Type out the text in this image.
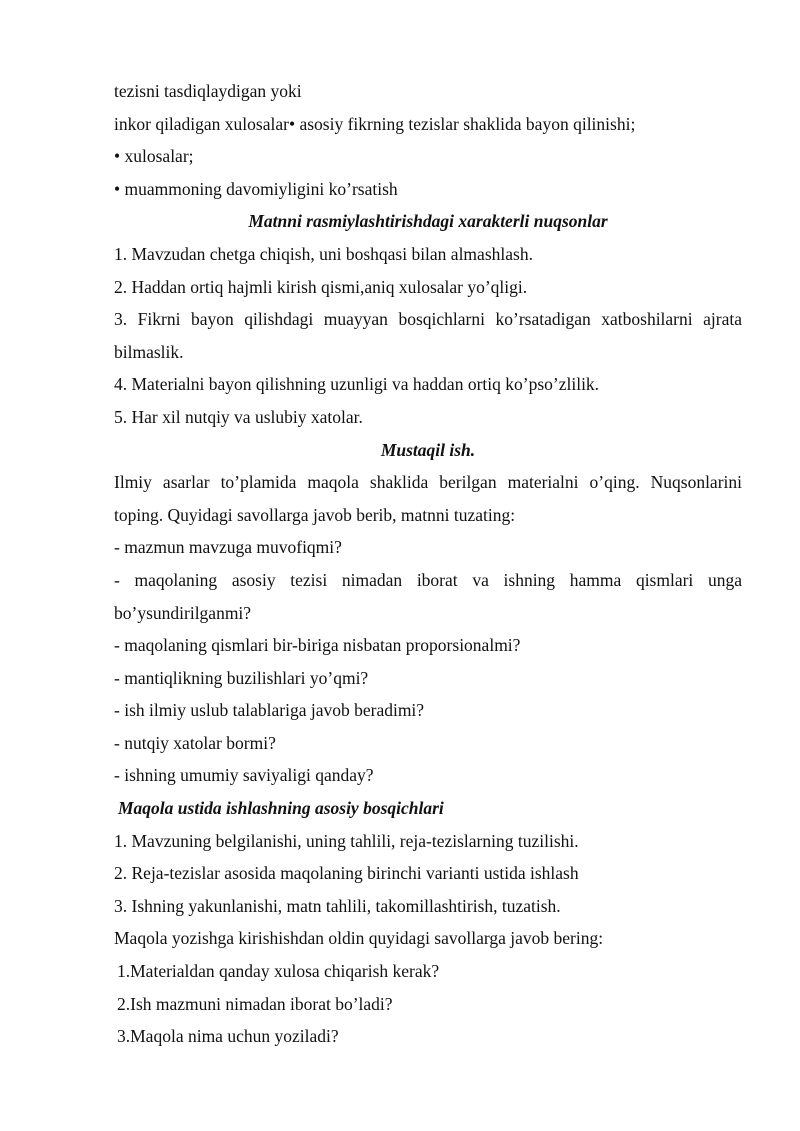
tezisni tasdiqlaydigan yoki
inkor qiladigan xulosalar• asosiy fikrning tezislar shaklida bayon qilinishi;
• xulosalar;
• muammoning davomiyligini ko’rsatish
Matnni rasmiylashtirishdagi xarakterli nuqsonlar
1. Mavzudan chetga chiqish, uni boshqasi bilan almashlash.
2. Haddan ortiq hajmli kirish qismi,aniq xulosalar yo’qligi.
3. Fikrni bayon qilishdagi muayyan bosqichlarni ko’rsatadigan xatboshilarni ajrata
bilmaslik.
4. Materialni bayon qilishning uzunligi va haddan ortiq ko’pso’zlilik.
5. Har xil nutqiy va uslubiy xatolar.
Mustaqil ish.
Ilmiy asarlar to’plamida maqola shaklida berilgan materialni o’qing. Nuqsonlarini
toping. Quyidagi savollarga javob berib, matnni tuzating:
- mazmun mavzuga muvofiqmi?
- maqolaning asosiy tezisi nimadan iborat va ishning hamma qismlari unga
bo’ysundirilganmi?
- maqolaning qismlari bir-biriga nisbatan proporsionalmi?
- mantiqlikning buzilishlari yo’qmi?
- ish ilmiy uslub talablariga javob beradimi?
- nutqiy xatolar bormi?
- ishning umumiy saviyaligi qanday?
Maqola ustida ishlashning asosiy bosqichlari
1. Mavzuning belgilanishi, uning tahlili, reja-tezislarning tuzilishi.
2. Reja-tezislar asosida maqolaning birinchi varianti ustida ishlash
3. Ishning yakunlanishi, matn tahlili, takomillashtirish, tuzatish.
Maqola yozishga kirishishdan oldin quyidagi savollarga javob bering:
1.Materialdan qanday xulosa chiqarish kerak?
2.Ish mazmuni nimadan iborat bo’ladi?
3.Maqola nima uchun yoziladi?
